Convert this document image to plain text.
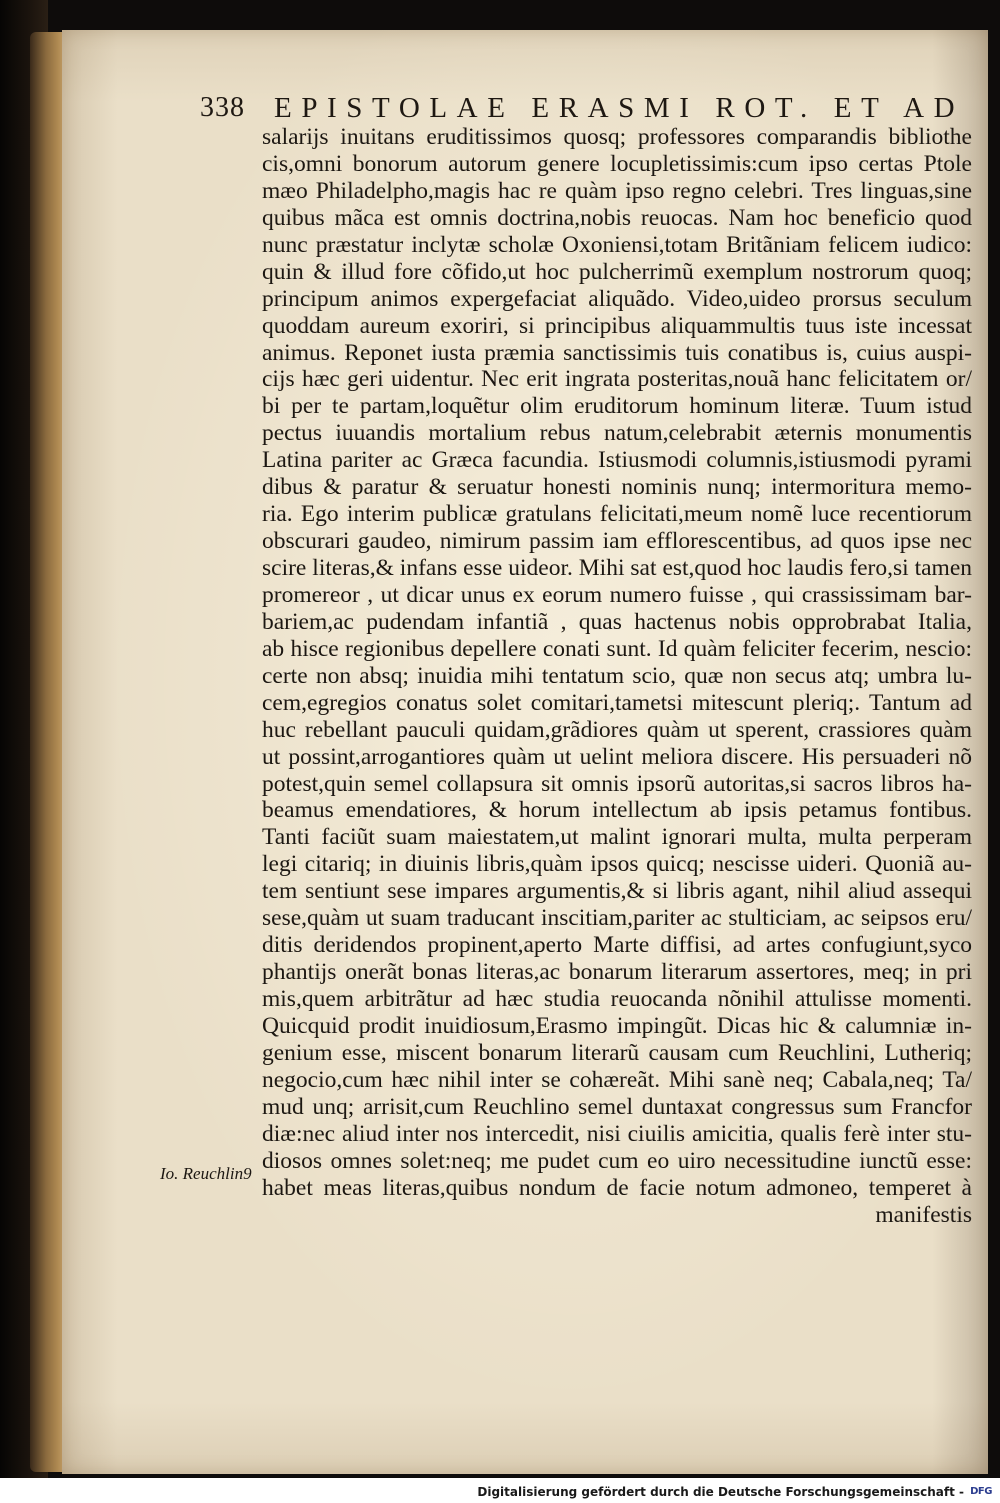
338 EPISTOLAE ERASMI ROT. ET AD
salarijs inuitans eruditissimos quosq; professores comparandis bibliothe
cis,omni bonorum autorum genere locupletissimis:cum ipso certas Ptole
mæo Philadelpho,magis hac re quàm ipso regno celebri. Tres linguas,sine
quibus mãca est omnis doctrina,nobis reuocas. Nam hoc beneficio quod
nunc præstatur inclytæ scholæ Oxoniensi,totam Britãniam felicem iudico:
quin & illud fore cõfido,ut hoc pulcherrimũ exemplum nostrorum quoq;
principum animos expergefaciat aliquãdo. Video,uideo prorsus seculum
quoddam aureum exoriri, si principibus aliquammultis tuus iste incessat
animus. Reponet iusta præmia sanctissimis tuis conatibus is, cuius auspi-
cijs hæc geri uidentur. Nec erit ingrata posteritas,nouã hanc felicitatem or/
bi per te partam,loquẽtur olim eruditorum hominum literæ. Tuum istud
pectus iuuandis mortalium rebus natum,celebrabit æternis monumentis
Latina pariter ac Græca facundia. Istiusmodi columnis,istiusmodi pyrami
dibus & paratur & seruatur honesti nominis nunq; intermoritura memo-
ria. Ego interim publicæ gratulans felicitati,meum nomẽ luce recentiorum
obscurari gaudeo, nimirum passim iam efflorescentibus, ad quos ipse nec
scire literas,& infans esse uideor. Mihi sat est,quod hoc laudis fero,si tamen
promereor , ut dicar unus ex eorum numero fuisse , qui crassissimam bar-
bariem,ac pudendam infantiã , quas hactenus nobis opprobrabat Italia,
ab hisce regionibus depellere conati sunt. Id quàm feliciter fecerim, nescio:
certe non absq; inuidia mihi tentatum scio, quæ non secus atq; umbra lu-
cem,egregios conatus solet comitari,tametsi mitescunt pleriq;. Tantum ad
huc rebellant pauculi quidam,grãdiores quàm ut sperent, crassiores quàm
ut possint,arrogantiores quàm ut uelint meliora discere. His persuaderi nõ
potest,quin semel collapsura sit omnis ipsorũ autoritas,si sacros libros ha-
beamus emendatiores, & horum intellectum ab ipsis petamus fontibus.
Tanti faciũt suam maiestatem,ut malint ignorari multa, multa perperam
legi citariq; in diuinis libris,quàm ipsos quicq; nescisse uideri. Quoniã au-
tem sentiunt sese impares argumentis,& si libris agant, nihil aliud assequi
sese,quàm ut suam traducant inscitiam,pariter ac stulticiam, ac seipsos eru/
ditis deridendos propinent,aperto Marte diffisi, ad artes confugiunt,syco
phantijs onerãt bonas literas,ac bonarum literarum assertores, meq; in pri
mis,quem arbitrãtur ad hæc studia reuocanda nõnihil attulisse momenti.
Quicquid prodit inuidiosum,Erasmo impingũt. Dicas hic & calumniæ in-
genium esse, miscent bonarum literarũ causam cum Reuchlini, Lutheriq;
negocio,cum hæc nihil inter se cohæreãt. Mihi sanè neq; Cabala,neq; Ta/
mud unq; arrisit,cum Reuchlino semel duntaxat congressus sum Francfor
diæ:nec aliud inter nos intercedit, nisi ciuilis amicitia, qualis ferè inter stu-
diosos omnes solet:neq; me pudet cum eo uiro necessitudine iunctũ esse:
habet meas literas,quibus nondum de facie notum admoneo, temperet à
manifestis
Io. Reuchlin9
Digitalisierung gefördert durch die Deutsche Forschungsgemeinschaft - DFG
